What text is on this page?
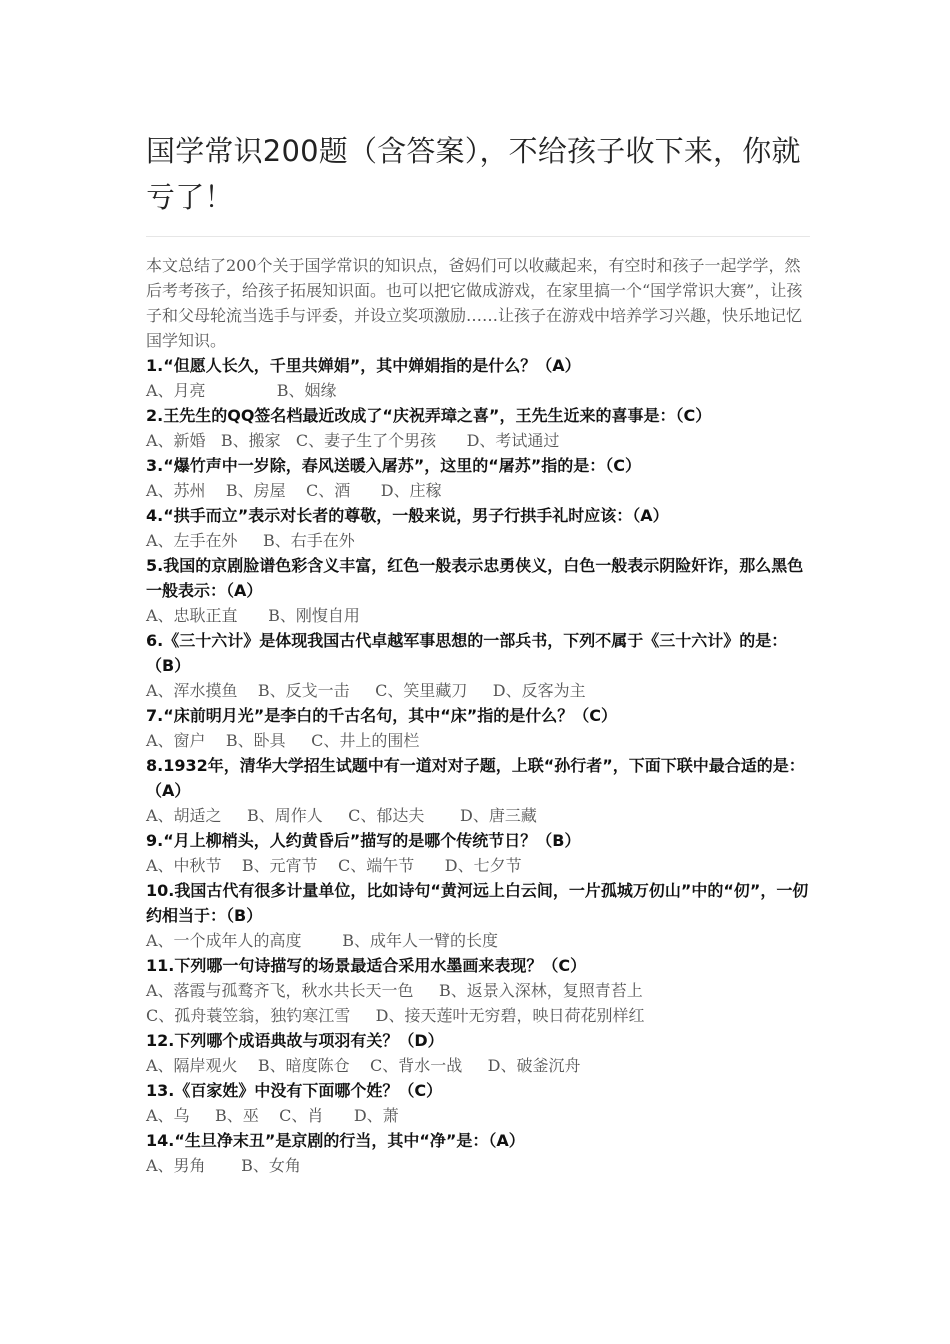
国学常识200题（含答案），不给孩子收下来，你就亏了！

本文总结了200个关于国学常识的知识点，爸妈们可以收藏起来，有空时和孩子一起学学，然后考考孩子，给孩子拓展知识面。也可以把它做成游戏，在家里搞一个“国学常识大赛”，让孩子和父母轮流当选手与评委，并设立奖项激励……让孩子在游戏中培养学习兴趣，快乐地记忆国学知识。

1.“但愿人长久，千里共婵娟”，其中婵娟指的是什么？（A）

A、月亮              B、姻缘

2.王先生的QQ签名档最近改成了“庆祝弄璋之喜”，王先生近来的喜事是：（C）

A、新婚   B、搬家   C、妻子生了个男孩      D、考试通过

3.“爆竹声中一岁除，春风送暖入屠苏”，这里的“屠苏”指的是：（C）

A、苏州    B、房屋    C、酒      D、庄稼

4.“拱手而立”表示对长者的尊敬，一般来说，男子行拱手礼时应该：（A）

A、左手在外     B、右手在外

5.我国的京剧脸谱色彩含义丰富，红色一般表示忠勇侠义，白色一般表示阴险奸诈，那么黑色一般表示：（A）

A、忠耿正直      B、刚愎自用

6.《三十六计》是体现我国古代卓越军事思想的一部兵书，下列不属于《三十六计》的是：（B）

A、浑水摸鱼    B、反戈一击     C、笑里藏刀     D、反客为主

7.“床前明月光”是李白的千古名句，其中“床”指的是什么？（C）

A、窗户    B、卧具     C、井上的围栏

8.1932年，清华大学招生试题中有一道对对子题，上联“孙行者”，下面下联中最合适的是：（A）

A、胡适之     B、周作人     C、郁达夫       D、唐三藏

9.“月上柳梢头，人约黄昏后”描写的是哪个传统节日？（B）

A、中秋节    B、元宵节    C、端午节      D、七夕节

10.我国古代有很多计量单位，比如诗句“黄河远上白云间，一片孤城万仞山”中的“仞”，一仞约相当于：（B）

A、一个成年人的高度        B、成年人一臂的长度

11.下列哪一句诗描写的场景最适合采用水墨画来表现？（C）

A、落霞与孤鹜齐飞，秋水共长天一色     B、返景入深林，复照青苔上

C、孤舟蓑笠翁，独钓寒江雪     D、接天莲叶无穷碧，映日荷花别样红

12.下列哪个成语典故与项羽有关？（D）

A、隔岸观火    B、暗度陈仓    C、背水一战     D、破釜沉舟

13.《百家姓》中没有下面哪个姓？（C）

A、乌     B、巫    C、肖      D、萧

14.“生旦净末丑”是京剧的行当，其中“净”是：（A）

A、男角       B、女角
